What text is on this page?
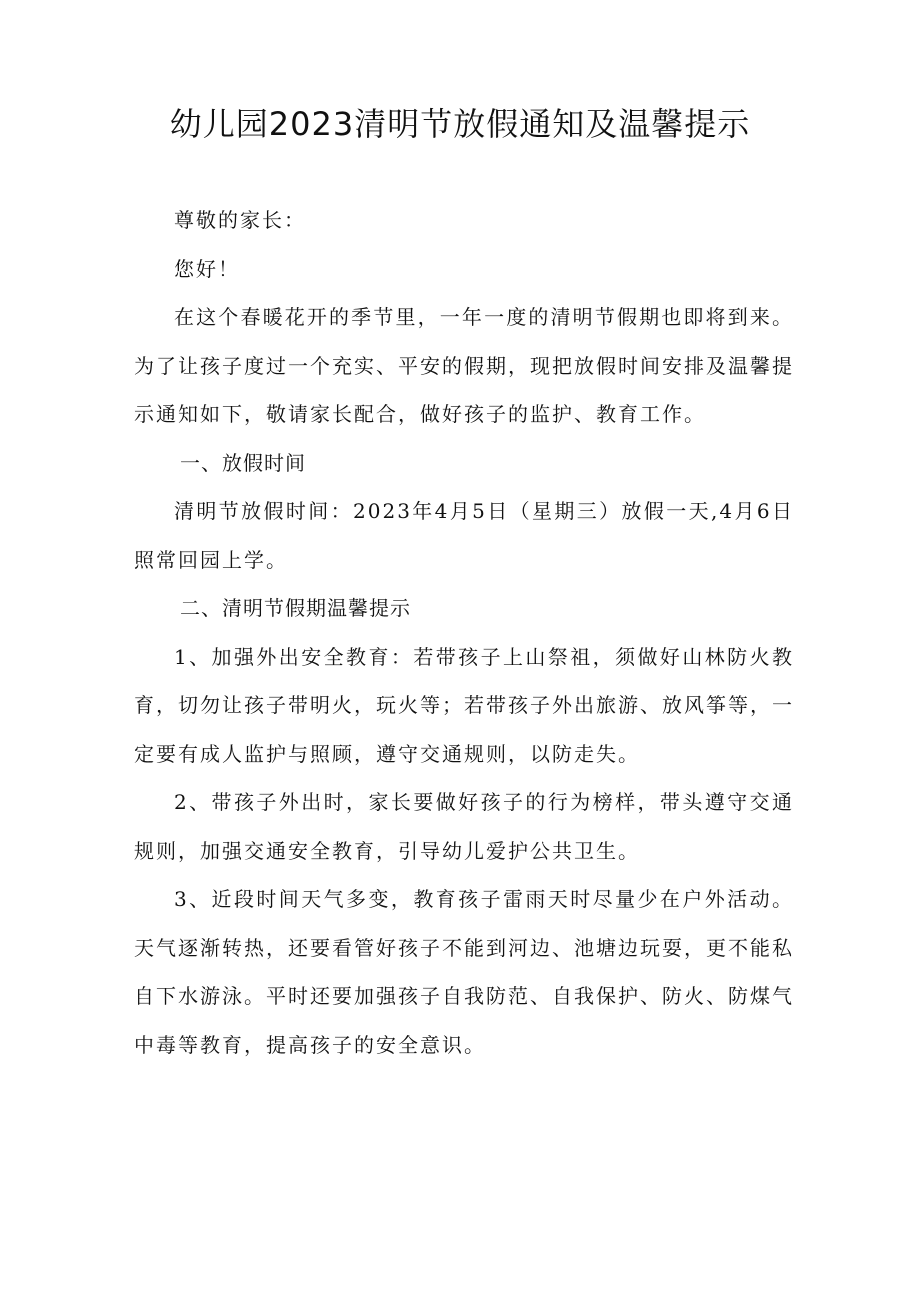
幼儿园2023清明节放假通知及温馨提示

尊敬的家长：

您好！

在这个春暖花开的季节里，一年一度的清明节假期也即将到来。为了让孩子度过一个充实、平安的假期，现把放假时间安排及温馨提示通知如下，敬请家长配合，做好孩子的监护、教育工作。

一、放假时间

清明节放假时间：2023年4月5日（星期三）放假一天,4月6日照常回园上学。

二、清明节假期温馨提示

1、加强外出安全教育：若带孩子上山祭祖，须做好山林防火教育，切勿让孩子带明火，玩火等；若带孩子外出旅游、放风筝等，一定要有成人监护与照顾，遵守交通规则，以防走失。

2、带孩子外出时，家长要做好孩子的行为榜样，带头遵守交通规则，加强交通安全教育，引导幼儿爱护公共卫生。

3、近段时间天气多变，教育孩子雷雨天时尽量少在户外活动。天气逐渐转热，还要看管好孩子不能到河边、池塘边玩耍，更不能私自下水游泳。平时还要加强孩子自我防范、自我保护、防火、防煤气中毒等教育，提高孩子的安全意识。
